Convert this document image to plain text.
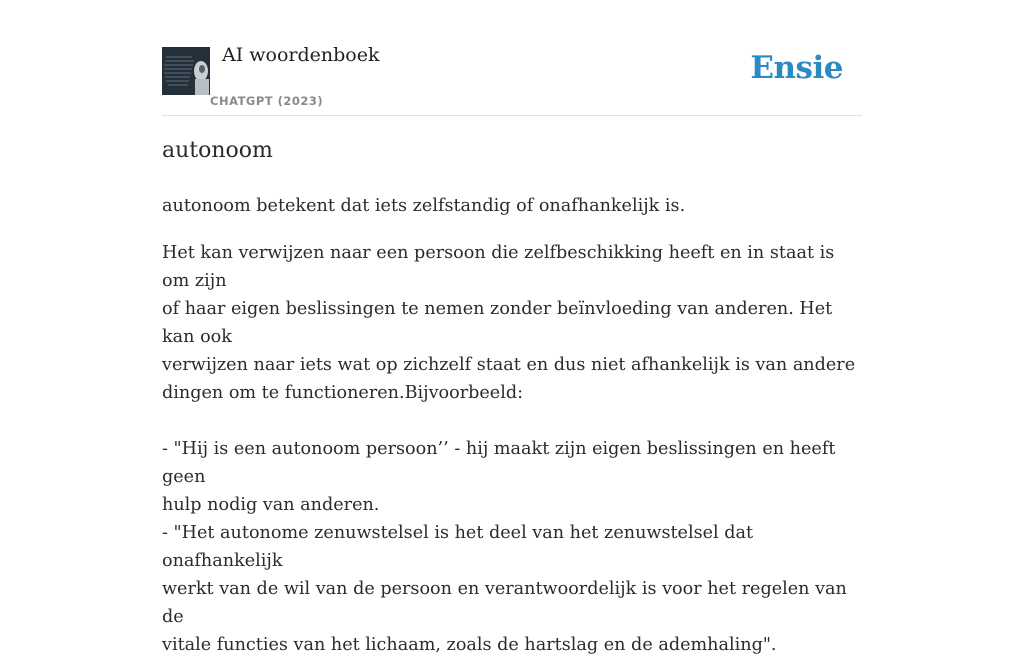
AI woordenboek
CHATGPT (2023)
Ensie
autonoom

autonoom betekent dat iets zelfstandig of onafhankelijk is.

Het kan verwijzen naar een persoon die zelfbeschikking heeft en in staat is om zijn
of haar eigen beslissingen te nemen zonder beïnvloeding van anderen. Het kan ook
verwijzen naar iets wat op zichzelf staat en dus niet afhankelijk is van andere
dingen om te functioneren.Bijvoorbeeld:

- "Hij is een autonoom persoon’’ - hij maakt zijn eigen beslissingen en heeft geen
hulp nodig van anderen.
- "Het autonome zenuwstelsel is het deel van het zenuwstelsel dat onafhankelijk
werkt van de wil van de persoon en verantwoordelijk is voor het regelen van de
vitale functies van het lichaam, zoals de hartslag en de ademhaling".
